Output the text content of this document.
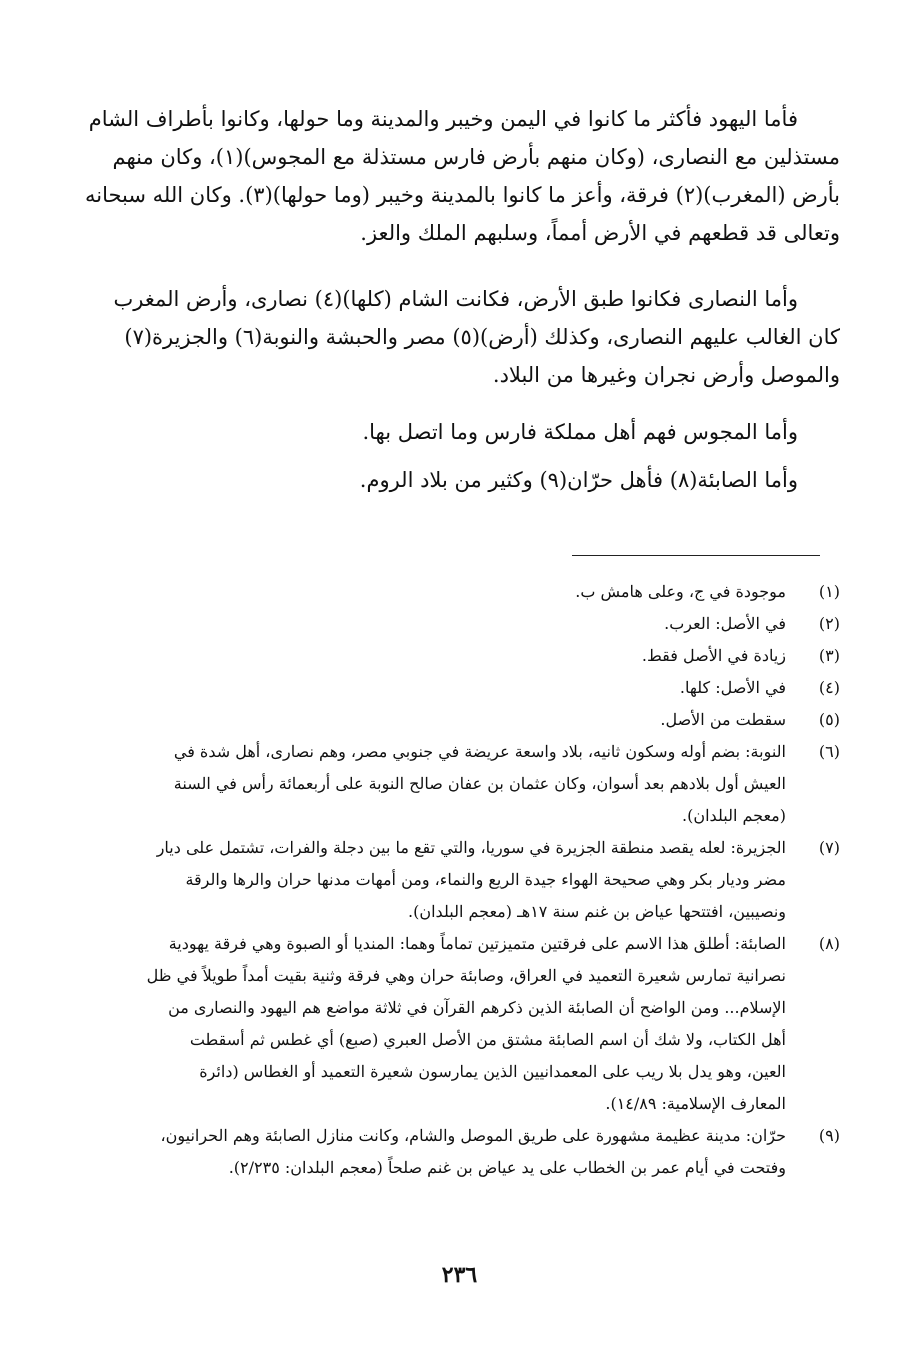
فأما اليهود فأكثر ما كانوا في اليمن وخيبر والمدينة وما حولها، وكانوا بأطراف الشام
مستذلين مع النصارى، (وكان منهم بأرض فارس مستذلة مع المجوس)(١)، وكان منهم
بأرض (المغرب)(٢) فرقة، وأعز ما كانوا بالمدينة وخيبر (وما حولها)(٣). وكان الله سبحانه
وتعالى قد قطعهم في الأرض أمماً، وسلبهم الملك والعز.
وأما النصارى فكانوا طبق الأرض، فكانت الشام (كلها)(٤) نصارى، وأرض المغرب
كان الغالب عليهم النصارى، وكذلك (أرض)(٥) مصر والحبشة والنوبة(٦) والجزيرة(٧)
والموصل وأرض نجران وغيرها من البلاد.
وأما المجوس فهم أهل مملكة فارس وما اتصل بها.
وأما الصابئة(٨) فأهل حرّان(٩) وكثير من بلاد الروم.
(١)
موجودة في ج، وعلى هامش ب.
(٢)
في الأصل: العرب.
(٣)
زيادة في الأصل فقط.
(٤)
في الأصل: كلها.
(٥)
سقطت من الأصل.
(٦)
النوبة: بضم أوله وسكون ثانيه، بلاد واسعة عريضة في جنوبي مصر، وهم نصارى، أهل شدة في
العيش أول بلادهم بعد أسوان، وكان عثمان بن عفان صالح النوبة على أربعمائة رأس في السنة
(معجم البلدان).
(٧)
الجزيرة: لعله يقصد منطقة الجزيرة في سوريا، والتي تقع ما بين دجلة والفرات، تشتمل على ديار
مضر وديار بكر وهي صحيحة الهواء جيدة الريع والنماء، ومن أمهات مدنها حران والرها والرقة
ونصيبين، افتتحها عياض بن غنم سنة ١٧هـ (معجم البلدان).
(٨)
الصابئة: أطلق هذا الاسم على فرقتين متميزتين تماماً وهما: المنديا أو الصبوة وهي فرقة يهودية
نصرانية تمارس شعيرة التعميد في العراق، وصابئة حران وهي فرقة وثنية بقيت أمداً طويلاً في ظل
الإسلام... ومن الواضح أن الصابئة الذين ذكرهم القرآن في ثلاثة مواضع هم اليهود والنصارى من
أهل الكتاب، ولا شك أن اسم الصابئة مشتق من الأصل العبري (صبع) أي غطس ثم أسقطت
العين، وهو يدل بلا ريب على المعمدانيين الذين يمارسون شعيرة التعميد أو الغطاس (دائرة
المعارف الإسلامية: ١٤/٨٩).
(٩)
حرّان: مدينة عظيمة مشهورة على طريق الموصل والشام، وكانت منازل الصابئة وهم الحرانيون،
وفتحت في أيام عمر بن الخطاب على يد عياض بن غنم صلحاً (معجم البلدان: ٢/٢٣٥).
٢٣٦
